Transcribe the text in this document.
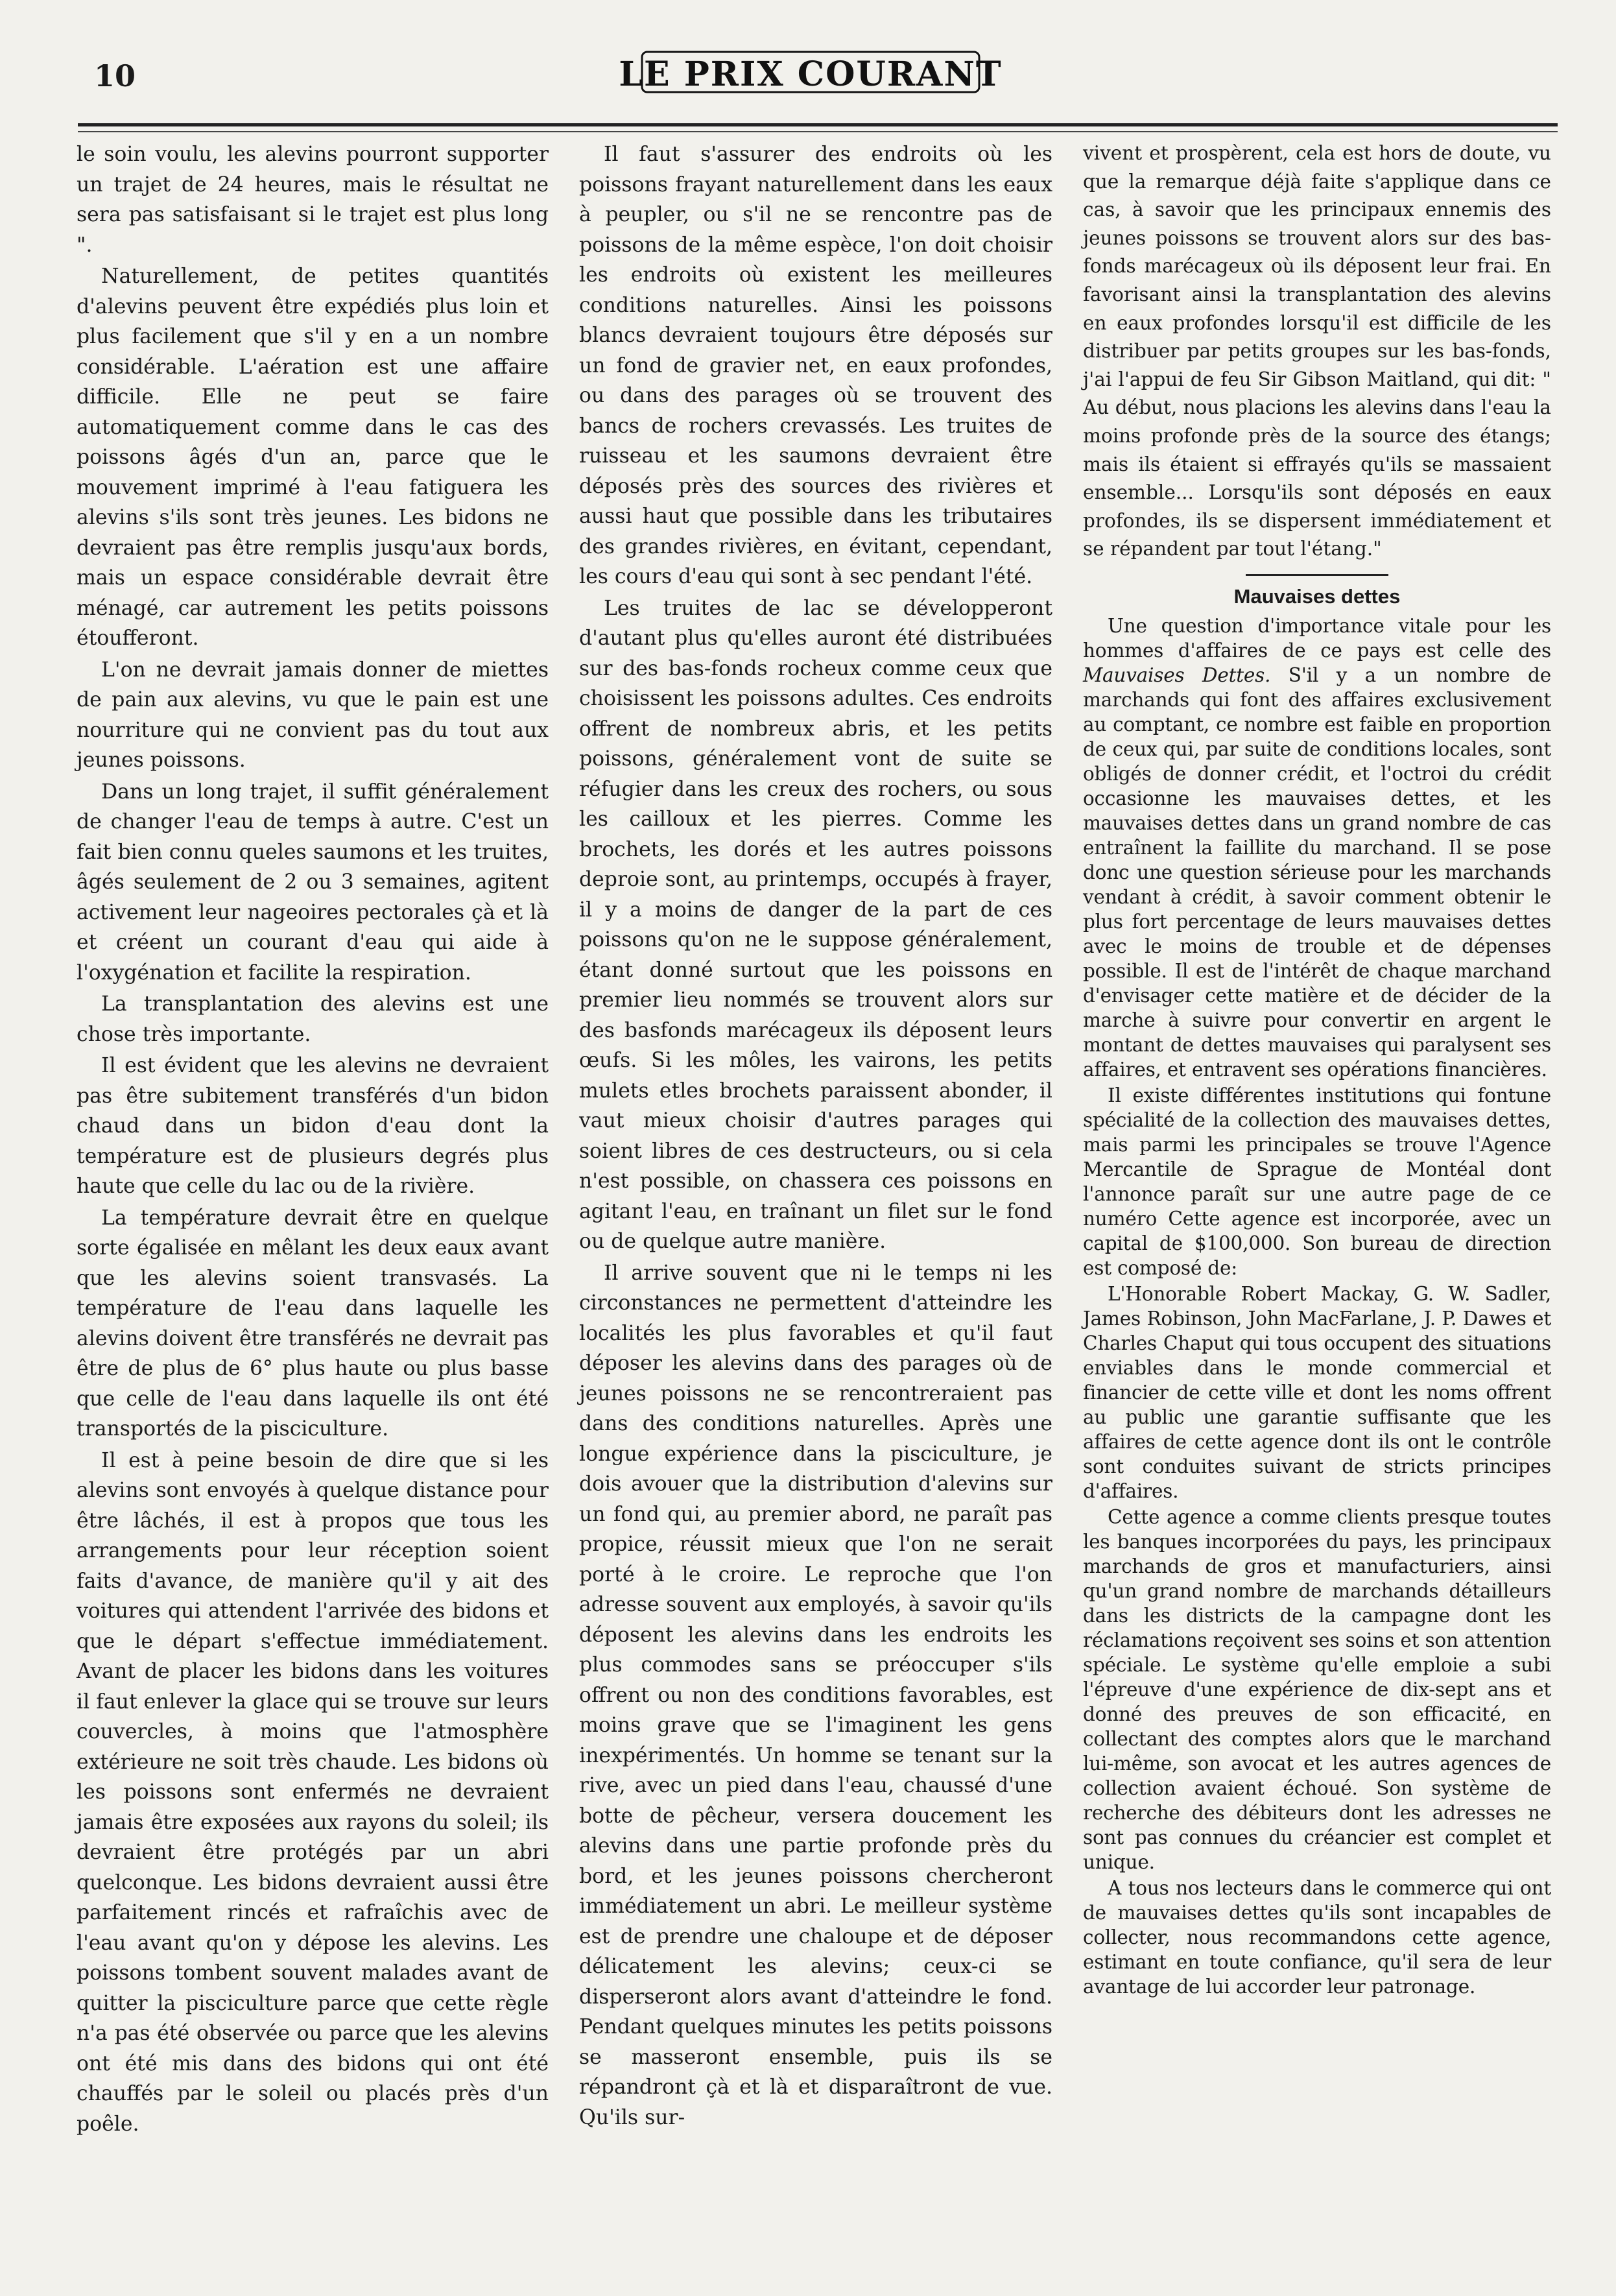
10	LE PRIX COURANT

le soin voulu, les alevins pourront supporter un trajet de 24 heures, mais le résultat ne sera pas satisfaisant si le trajet est plus long ".

Naturellement, de petites quantités d'alevins peuvent être expédiés plus loin et plus facilement que s'il y en a un nombre considérable. L'aération est une affaire difficile. Elle ne peut se faire automatiquement comme dans le cas des poissons âgés d'un an, parce que le mouvement imprimé à l'eau fatiguera les alevins s'ils sont très jeunes. Les bidons ne devraient pas être remplis jusqu'aux bords, mais un espace considérable devrait être ménagé, car autrement les petits poissons étoufferont.

L'on ne devrait jamais donner de miettes de pain aux alevins, vu que le pain est une nourriture qui ne convient pas du tout aux jeunes poissons.

Dans un long trajet, il suffit généralement de changer l'eau de temps à autre. C'est un fait bien connu queles saumons et les truites, âgés seulement de 2 ou 3 semaines, agitent activement leur nageoires pectorales çà et là et créent un courant d'eau qui aide à l'oxygénation et facilite la respiration.

La transplantation des alevins est une chose très importante.

Il est évident que les alevins ne devraient pas être subitement transférés d'un bidon chaud dans un bidon d'eau dont la température est de plusieurs degrés plus haute que celle du lac ou de la rivière.

La température devrait être en quelque sorte égalisée en mêlant les deux eaux avant que les alevins soient transvasés. La température de l'eau dans laquelle les alevins doivent être transférés ne devrait pas être de plus de 6° plus haute ou plus basse que celle de l'eau dans laquelle ils ont été transportés de la pisciculture.

Il est à peine besoin de dire que si les alevins sont envoyés à quelque distance pour être lâchés, il est à propos que tous les arrangements pour leur réception soient faits d'avance, de manière qu'il y ait des voitures qui attendent l'arrivée des bidons et que le départ s'effectue immédiatement. Avant de placer les bidons dans les voitures il faut enlever la glace qui se trouve sur leurs couvercles, à moins que l'atmosphère extérieure ne soit très chaude. Les bidons où les poissons sont enfermés ne devraient jamais être exposées aux rayons du soleil; ils devraient être protégés par un abri quelconque. Les bidons devraient aussi être parfaitement rincés et rafraîchis avec de l'eau avant qu'on y dépose les alevins. Les poissons tombent souvent malades avant de quitter la pisciculture parce que cette règle n'a pas été observée ou parce que les alevins ont été mis dans des bidons qui ont été chauffés par le soleil ou placés près d'un poêle.

Il faut s'assurer des endroits où les poissons frayant naturellement dans les eaux à peupler, ou s'il ne se rencontre pas de poissons de la même espèce, l'on doit choisir les endroits où existent les meilleures conditions naturelles. Ainsi les poissons blancs devraient toujours être déposés sur un fond de gravier net, en eaux profondes, ou dans des parages où se trouvent des bancs de rochers crevassés. Les truites de ruisseau et les saumons devraient être déposés près des sources des rivières et aussi haut que possible dans les tributaires des grandes rivières, en évitant, cependant, les cours d'eau qui sont à sec pendant l'été.

Les truites de lac se développeront d'autant plus qu'elles auront été distribuées sur des bas-fonds rocheux comme ceux que choisissent les poissons adultes. Ces endroits offrent de nombreux abris, et les petits poissons, généralement vont de suite se réfugier dans les creux des rochers, ou sous les cailloux et les pierres. Comme les brochets, les dorés et les autres poissons deproie sont, au printemps, occupés à frayer, il y a moins de danger de la part de ces poissons qu'on ne le suppose généralement, étant donné surtout que les poissons en premier lieu nommés se trouvent alors sur des basfonds marécageux ils déposent leurs œufs. Si les môles, les vairons, les petits mulets etles brochets paraissent abonder, il vaut mieux choisir d'autres parages qui soient libres de ces destructeurs, ou si cela n'est possible, on chassera ces poissons en agitant l'eau, en traînant un filet sur le fond ou de quelque autre manière.

Il arrive souvent que ni le temps ni les circonstances ne permettent d'atteindre les localités les plus favorables et qu'il faut déposer les alevins dans des parages où de jeunes poissons ne se rencontreraient pas dans des conditions naturelles. Après une longue expérience dans la pisciculture, je dois avouer que la distribution d'alevins sur un fond qui, au premier abord, ne paraît pas propice, réussit mieux que l'on ne serait porté à le croire. Le reproche que l'on adresse souvent aux employés, à savoir qu'ils déposent les alevins dans les endroits les plus commodes sans se préoccuper s'ils offrent ou non des conditions favorables, est moins grave que se l'imaginent les gens inexpérimentés. Un homme se tenant sur la rive, avec un pied dans l'eau, chaussé d'une botte de pêcheur, versera doucement les alevins dans une partie profonde près du bord, et les jeunes poissons chercheront immédiatement un abri. Le meilleur système est de prendre une chaloupe et de déposer délicatement les alevins; ceux-ci se disperseront alors avant d'atteindre le fond. Pendant quelques minutes les petits poissons se masseront ensemble, puis ils se répandront çà et là et disparaîtront de vue. Qu'ils sur-

vivent et prospèrent, cela est hors de doute, vu que la remarque déjà faite s'applique dans ce cas, à savoir que les principaux ennemis des jeunes poissons se trouvent alors sur des bas-fonds marécageux où ils déposent leur frai. En favorisant ainsi la transplantation des alevins en eaux profondes lorsqu'il est difficile de les distribuer par petits groupes sur les bas-fonds, j'ai l'appui de feu Sir Gibson Maitland, qui dit: " Au début, nous placions les alevins dans l'eau la moins profonde près de la source des étangs; mais ils étaient si effrayés qu'ils se massaient ensemble... Lorsqu'ils sont déposés en eaux profondes, ils se dispersent immédiatement et se répandent par tout l'étang."

Mauvaises dettes

Une question d'importance vitale pour les hommes d'affaires de ce pays est celle des Mauvaises Dettes. S'il y a un nombre de marchands qui font des affaires exclusivement au comptant, ce nombre est faible en proportion de ceux qui, par suite de conditions locales, sont obligés de donner crédit, et l'octroi du crédit occasionne les mauvaises dettes, et les mauvaises dettes dans un grand nombre de cas entraînent la faillite du marchand. Il se pose donc une question sérieuse pour les marchands vendant à crédit, à savoir comment obtenir le plus fort percentage de leurs mauvaises dettes avec le moins de trouble et de dépenses possible. Il est de l'intérêt de chaque marchand d'envisager cette matière et de décider de la marche à suivre pour convertir en argent le montant de dettes mauvaises qui paralysent ses affaires, et entravent ses opérations financières.

Il existe différentes institutions qui fontune spécialité de la collection des mauvaises dettes, mais parmi les principales se trouve l'Agence Mercantile de Sprague de Montéal dont l'annonce paraît sur une autre page de ce numéro Cette agence est incorporée, avec un capital de $100,000. Son bureau de direction est composé de:

L'Honorable Robert Mackay, G. W. Sadler, James Robinson, John MacFarlane, J. P. Dawes et Charles Chaput qui tous occupent des situations enviables dans le monde commercial et financier de cette ville et dont les noms offrent au public une garantie suffisante que les affaires de cette agence dont ils ont le contrôle sont conduites suivant de stricts principes d'affaires.

Cette agence a comme clients presque toutes les banques incorporées du pays, les principaux marchands de gros et manufacturiers, ainsi qu'un grand nombre de marchands détailleurs dans les districts de la campagne dont les réclamations reçoivent ses soins et son attention spéciale. Le système qu'elle emploie a subi l'épreuve d'une expérience de dix-sept ans et donné des preuves de son efficacité, en collectant des comptes alors que le marchand lui-même, son avocat et les autres agences de collection avaient échoué. Son système de recherche des débiteurs dont les adresses ne sont pas connues du créancier est complet et unique.

A tous nos lecteurs dans le commerce qui ont de mauvaises dettes qu'ils sont incapables de collecter, nous recommandons cette agence, estimant en toute confiance, qu'il sera de leur avantage de lui accorder leur patronage.
